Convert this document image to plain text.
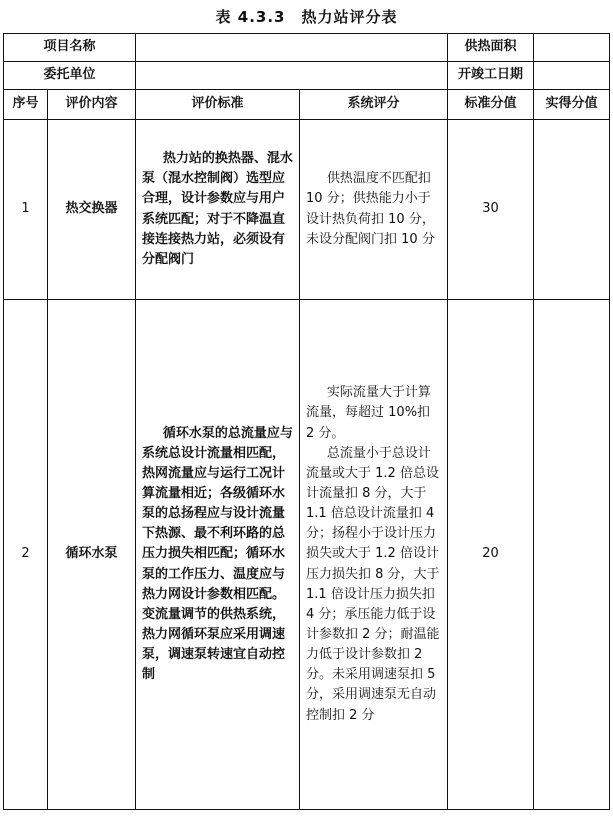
表 4.3.3　热力站评分表
项目名称				供热面积	
委托单位				开竣工日期	
序号	评价内容	评价标准	系统评分	标准分值	实得分值
1	热交换器	热力站的换热器、混水泵（混水控制阀）选型应合理，设计参数应与用户系统匹配；对于不降温直接连接热力站，必须设有分配阀门	供热温度不匹配扣 10 分；供热能力小于设计热负荷扣 10 分，未设分配阀门扣 10 分	30	
2	循环水泵	循环水泵的总流量应与系统总设计流量相匹配，热网流量应与运行工况计算流量相近；各级循环水泵的总扬程应与设计流量下热源、最不利环路的总压力损失相匹配；循环水泵的工作压力、温度应与热力网设计参数相匹配。变流量调节的供热系统，热力网循环泵应采用调速泵，调速泵转速宜自动控制	实际流量大于计算流量，每超过 10%扣 2 分。
总流量小于总设计流量或大于 1.2 倍总设计流量扣 8 分，大于 1.1 倍总设计流量扣 4 分；扬程小于设计压力损失或大于 1.2 倍设计压力损失扣 8 分，大于 1.1 倍设计压力损失扣 4 分；承压能力低于设计参数扣 2 分；耐温能力低于设计参数扣 2 分。未采用调速泵扣 5 分，采用调速泵无自动控制扣 2 分	20	
